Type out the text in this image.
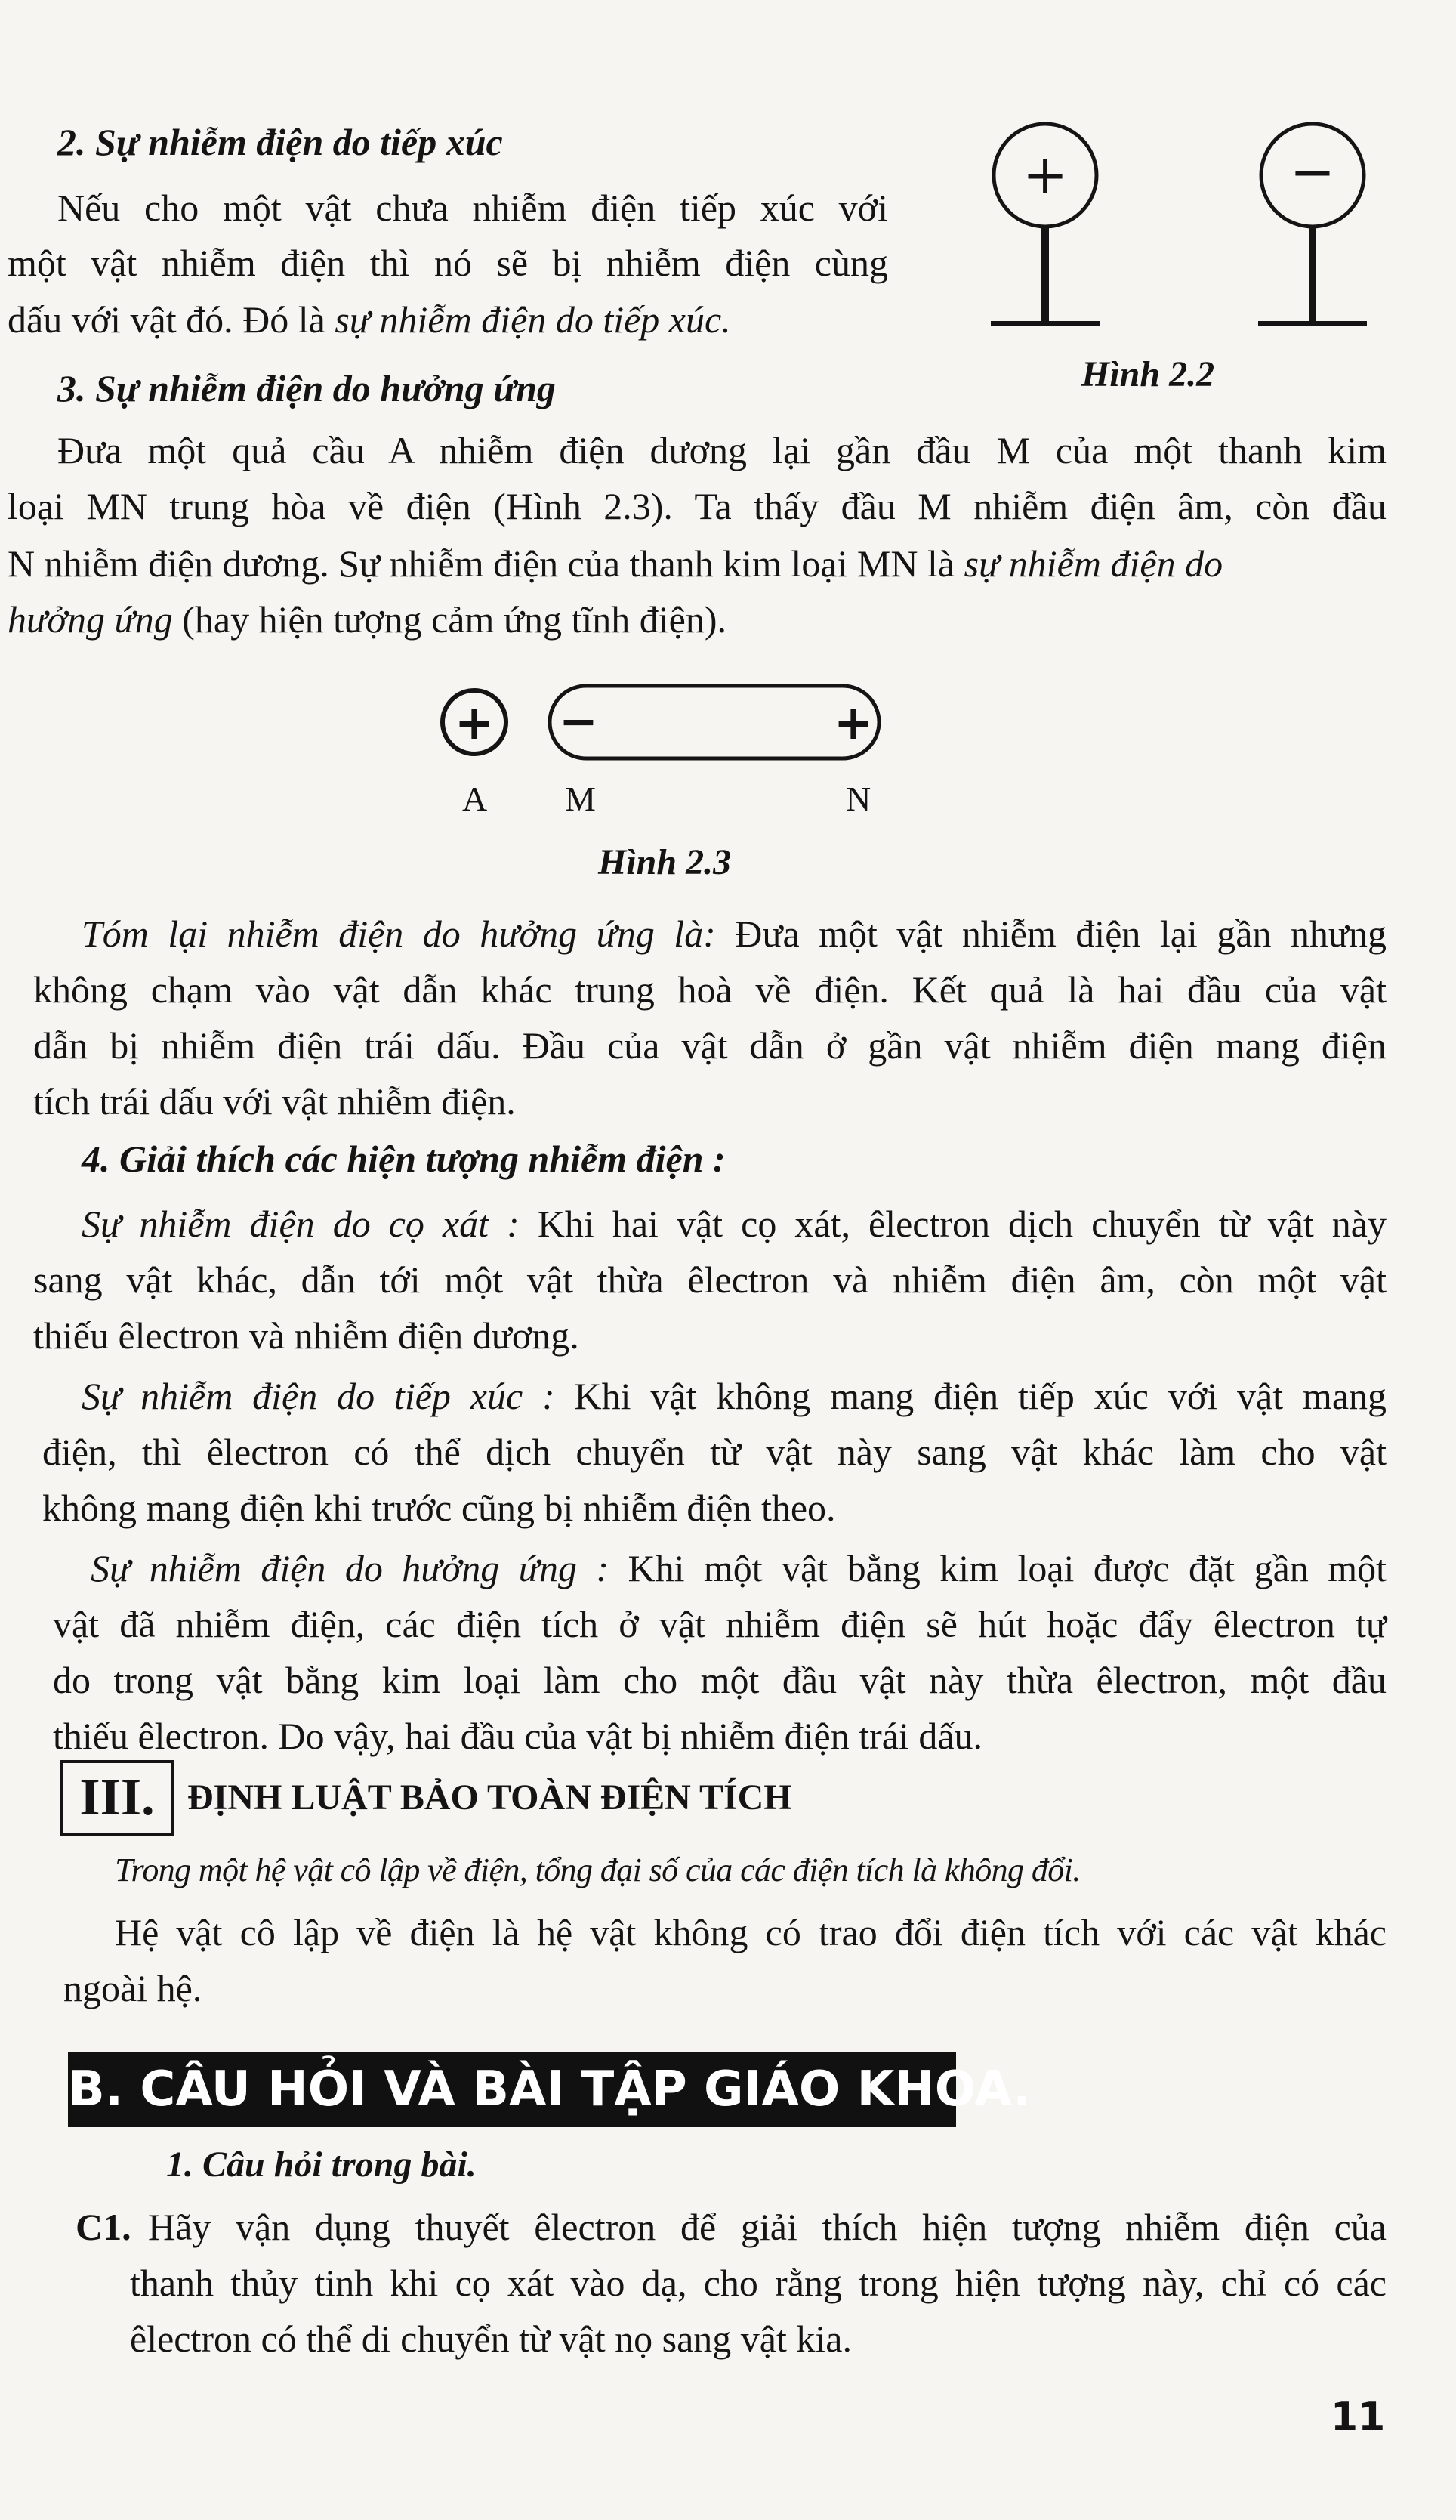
2. Sự nhiễm điện do tiếp xúc
Nếu cho một vật chưa nhiễm điện tiếp xúc với
một vật nhiễm điện thì nó sẽ bị nhiễm điện cùng
dấu với vật đó. Đó là sự nhiễm điện do tiếp xúc.
+	−
Hình 2.2
3. Sự nhiễm điện do hưởng ứng
Đưa một quả cầu A nhiễm điện dương lại gần đầu M của một thanh kim
loại MN trung hòa về điện (Hình 2.3). Ta thấy đầu M nhiễm điện âm, còn đầu
N nhiễm điện dương. Sự nhiễm điện của thanh kim loại MN là sự nhiễm điện do
hưởng ứng (hay hiện tượng cảm ứng tĩnh điện).
+ −	+
A M	N
Hình 2.3
Tóm lại nhiễm điện do hưởng ứng là: Đưa một vật nhiễm điện lại gần nhưng
không chạm vào vật dẫn khác trung hoà về điện. Kết quả là hai đầu của vật
dẫn bị nhiễm điện trái dấu. Đầu của vật dẫn ở gần vật nhiễm điện mang điện
tích trái dấu với vật nhiễm điện.
4. Giải thích các hiện tượng nhiễm điện :
Sự nhiễm điện do cọ xát : Khi hai vật cọ xát, êlectron dịch chuyển từ vật này
sang vật khác, dẫn tới một vật thừa êlectron và nhiễm điện âm, còn một vật
thiếu êlectron và nhiễm điện dương.
Sự nhiễm điện do tiếp xúc : Khi vật không mang điện tiếp xúc với vật mang
điện, thì êlectron có thể dịch chuyển từ vật này sang vật khác làm cho vật
không mang điện khi trước cũng bị nhiễm điện theo.
Sự nhiễm điện do hưởng ứng : Khi một vật bằng kim loại được đặt gần một
vật đã nhiễm điện, các điện tích ở vật nhiễm điện sẽ hút hoặc đẩy êlectron tự
do trong vật bằng kim loại làm cho một đầu vật này thừa êlectron, một đầu
thiếu êlectron. Do vậy, hai đầu của vật bị nhiễm điện trái dấu.
III. ĐỊNH LUẬT BẢO TOÀN ĐIỆN TÍCH
Trong một hệ vật cô lập về điện, tổng đại số của các điện tích là không đổi.
Hệ vật cô lập về điện là hệ vật không có trao đổi điện tích với các vật khác
ngoài hệ.
B. CÂU HỎI VÀ BÀI TẬP GIÁO KHOA.
1. Câu hỏi trong bài.
C1. Hãy vận dụng thuyết êlectron để giải thích hiện tượng nhiễm điện của
thanh thủy tinh khi cọ xát vào dạ, cho rằng trong hiện tượng này, chỉ có các
êlectron có thể di chuyển từ vật nọ sang vật kia.
11
